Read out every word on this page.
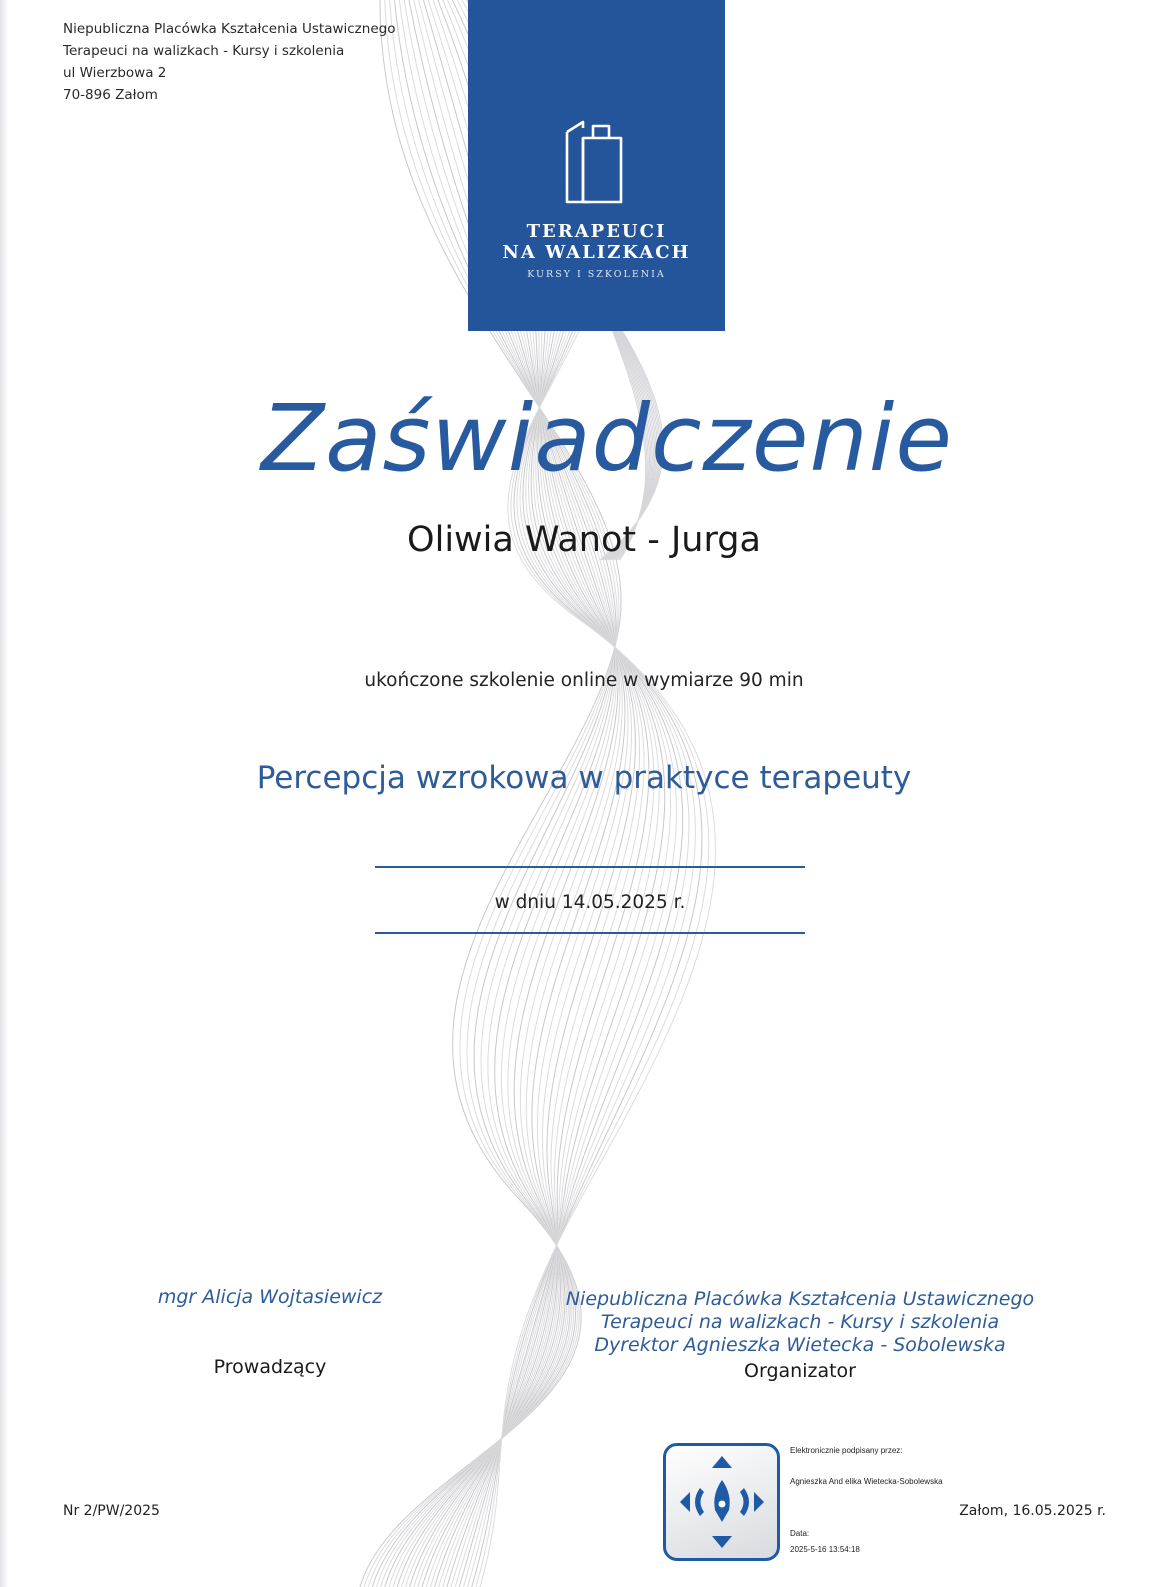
Niepubliczna Placówka Kształcenia Ustawicznego
Terapeuci na walizkach - Kursy i szkolenia
ul Wierzbowa 2
70-896 Załom
TERAPEUCI
NA WALIZKACH
KURSY I SZKOLENIA
Zaświadczenie
Oliwia Wanot - Jurga
ukończone szkolenie online w wymiarze 90 min
Percepcja wzrokowa w praktyce terapeuty
w dniu 14.05.2025 r.
mgr Alicja Wojtasiewicz
Prowadzący
Niepubliczna Placówka Kształcenia Ustawicznego
Terapeuci na walizkach - Kursy i szkolenia
Dyrektor Agnieszka Wietecka - Sobolewska
Organizator
Nr 2/PW/2025
Elektronicznie podpisany przez:
Agnieszka And elika Wietecka-Sobolewska
Data:
2025-5-16 13:54:18
Załom, 16.05.2025 r.
